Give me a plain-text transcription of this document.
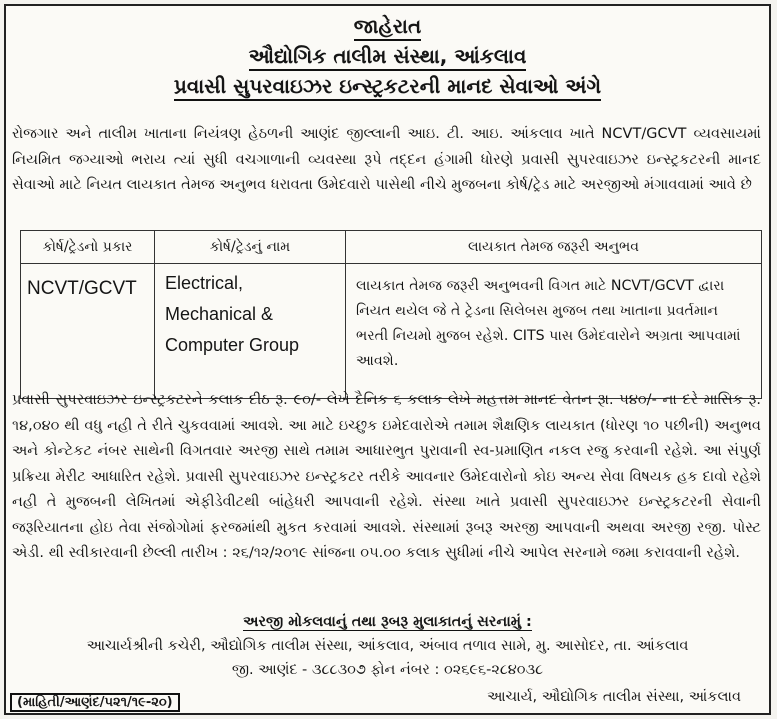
જાહેરાત
ઔદ્યોગિક તાલીમ સંસ્થા, આંકલાવ
પ્રવાસી સુપરવાઇઝર ઇન્સ્ટ્રકટરની માનદ સેવાઓ અંગે
રોજગાર અને તાલીમ ખાતાના નિયંત્રણ હેઠળની આણંદ જીલ્લાની આઇ. ટી. આઇ. આંકલાવ ખાતે NCVT/GCVT વ્યવસાયમાં નિયમિત જગ્યાઓ ભરાય ત્યાં સુધી વચગાળાની વ્યવસ્થા રૂપે તદ્દન હંગામી ધોરણે પ્રવાસી સુપરવાઇઝર ઇન્સ્ટ્રકટરની માનદ સેવાઓ માટે નિયત લાયકાત તેમજ અનુભવ ધરાવતા ઉમેદવારો પાસેથી નીચે મુજબના કોર્ષ/ટ્રેડ માટે અરજીઓ મંગાવવામાં આવે છે
કોર્ષ/ટ્રેડનો પ્રકાર	કોર્ષ/ટ્રેડનું નામ	લાયકાત તેમજ જરૂરી અનુભવ
NCVT/GCVT	Electrical,
Mechanical &
Computer Group	લાયકાત તેમજ જરૂરી અનુભવની વિગત માટે NCVT/GCVT દ્વારા નિયત થયેલ જે તે ટ્રેડના સિલેબસ મુજબ તથા ખાતાના પ્રવર્તમાન ભરતી નિયમો મુજબ રહેશે. CITS પાસ ઉમેદવારોને અગ્રતા આપવામાં આવશે.
પ્રવાસી સુપરવાઇઝર ઇન્સ્ટ્રકટરને કલાક દીઠ રૂ. ૯૦/- લેખે દૈનિક ૬ કલાક લેખે મહત્તમ માનદ વેતન રૂા. ૫૪૦/- ના દરે માસિક રૂ. ૧૪,૦૪૦ થી વધુ નહી તે રીતે ચુકવવામાં આવશે. આ માટે ઇચ્છુક ઇમેદવારોએ તમામ શૈક્ષણિક લાયકાત (ધોરણ ૧૦ પછીની) અનુભવ અને કોન્ટેકટ નંબર સાથેની વિગતવાર અરજી સાથે તમામ આધારભુત પુરાવાની સ્વ-પ્રમાણિત નકલ રજુ કરવાની રહેશે. આ સંપુર્ણ પ્રક્રિયા મેરીટ આધારિત રહેશે. પ્રવાસી સુપરવાઇઝર ઇન્સ્ટ્રકટર તરીકે આવનાર ઉમેદવારોનો કોઇ અન્ય સેવા વિષયક હક દાવો રહેશે નહી તે મુજબની લેખિતમાં એફીડેવીટથી બાંહેધરી આપવાની રહેશે. સંસ્થા ખાતે પ્રવાસી સુપરવાઇઝર ઇન્સ્ટ્રકટરની સેવાની જરૂરિયાતના હોઇ તેવા સંજોગોમાં ફરજમાંથી મુકત કરવામાં આવશે. સંસ્થામાં રૂબરૂ અરજી આપવાની અથવા અરજી રજી. પોસ્ટ એડી. થી સ્વીકારવાની છેલ્લી તારીખ : ૨૬/૧૨/૨૦૧૯ સાંજના ૦૫.૦૦ કલાક સુધીમાં નીચે આપેલ સરનામે જમા કરાવવાની રહેશે.
અરજી મોકલવાનું તથા રૂબરૂ મુલાકાતનું સરનામું :
આચાર્યશ્રીની કચેરી, ઔદ્યોગિક તાલીમ સંસ્થા, આંકલાવ, અંબાવ તળાવ સામે, મુ. આસોદર, તા. આંકલાવ
જી. આણંદ - ૩૮૮૩૦૭ ફોન નંબર : ૦૨૬૯૬-૨૮૪૦૩૮
(માહિતી/આણંદ/૫૨૧/૧૯-૨૦)	આચાર્ય, ઔદ્યોગિક તાલીમ સંસ્થા, આંકલાવ
